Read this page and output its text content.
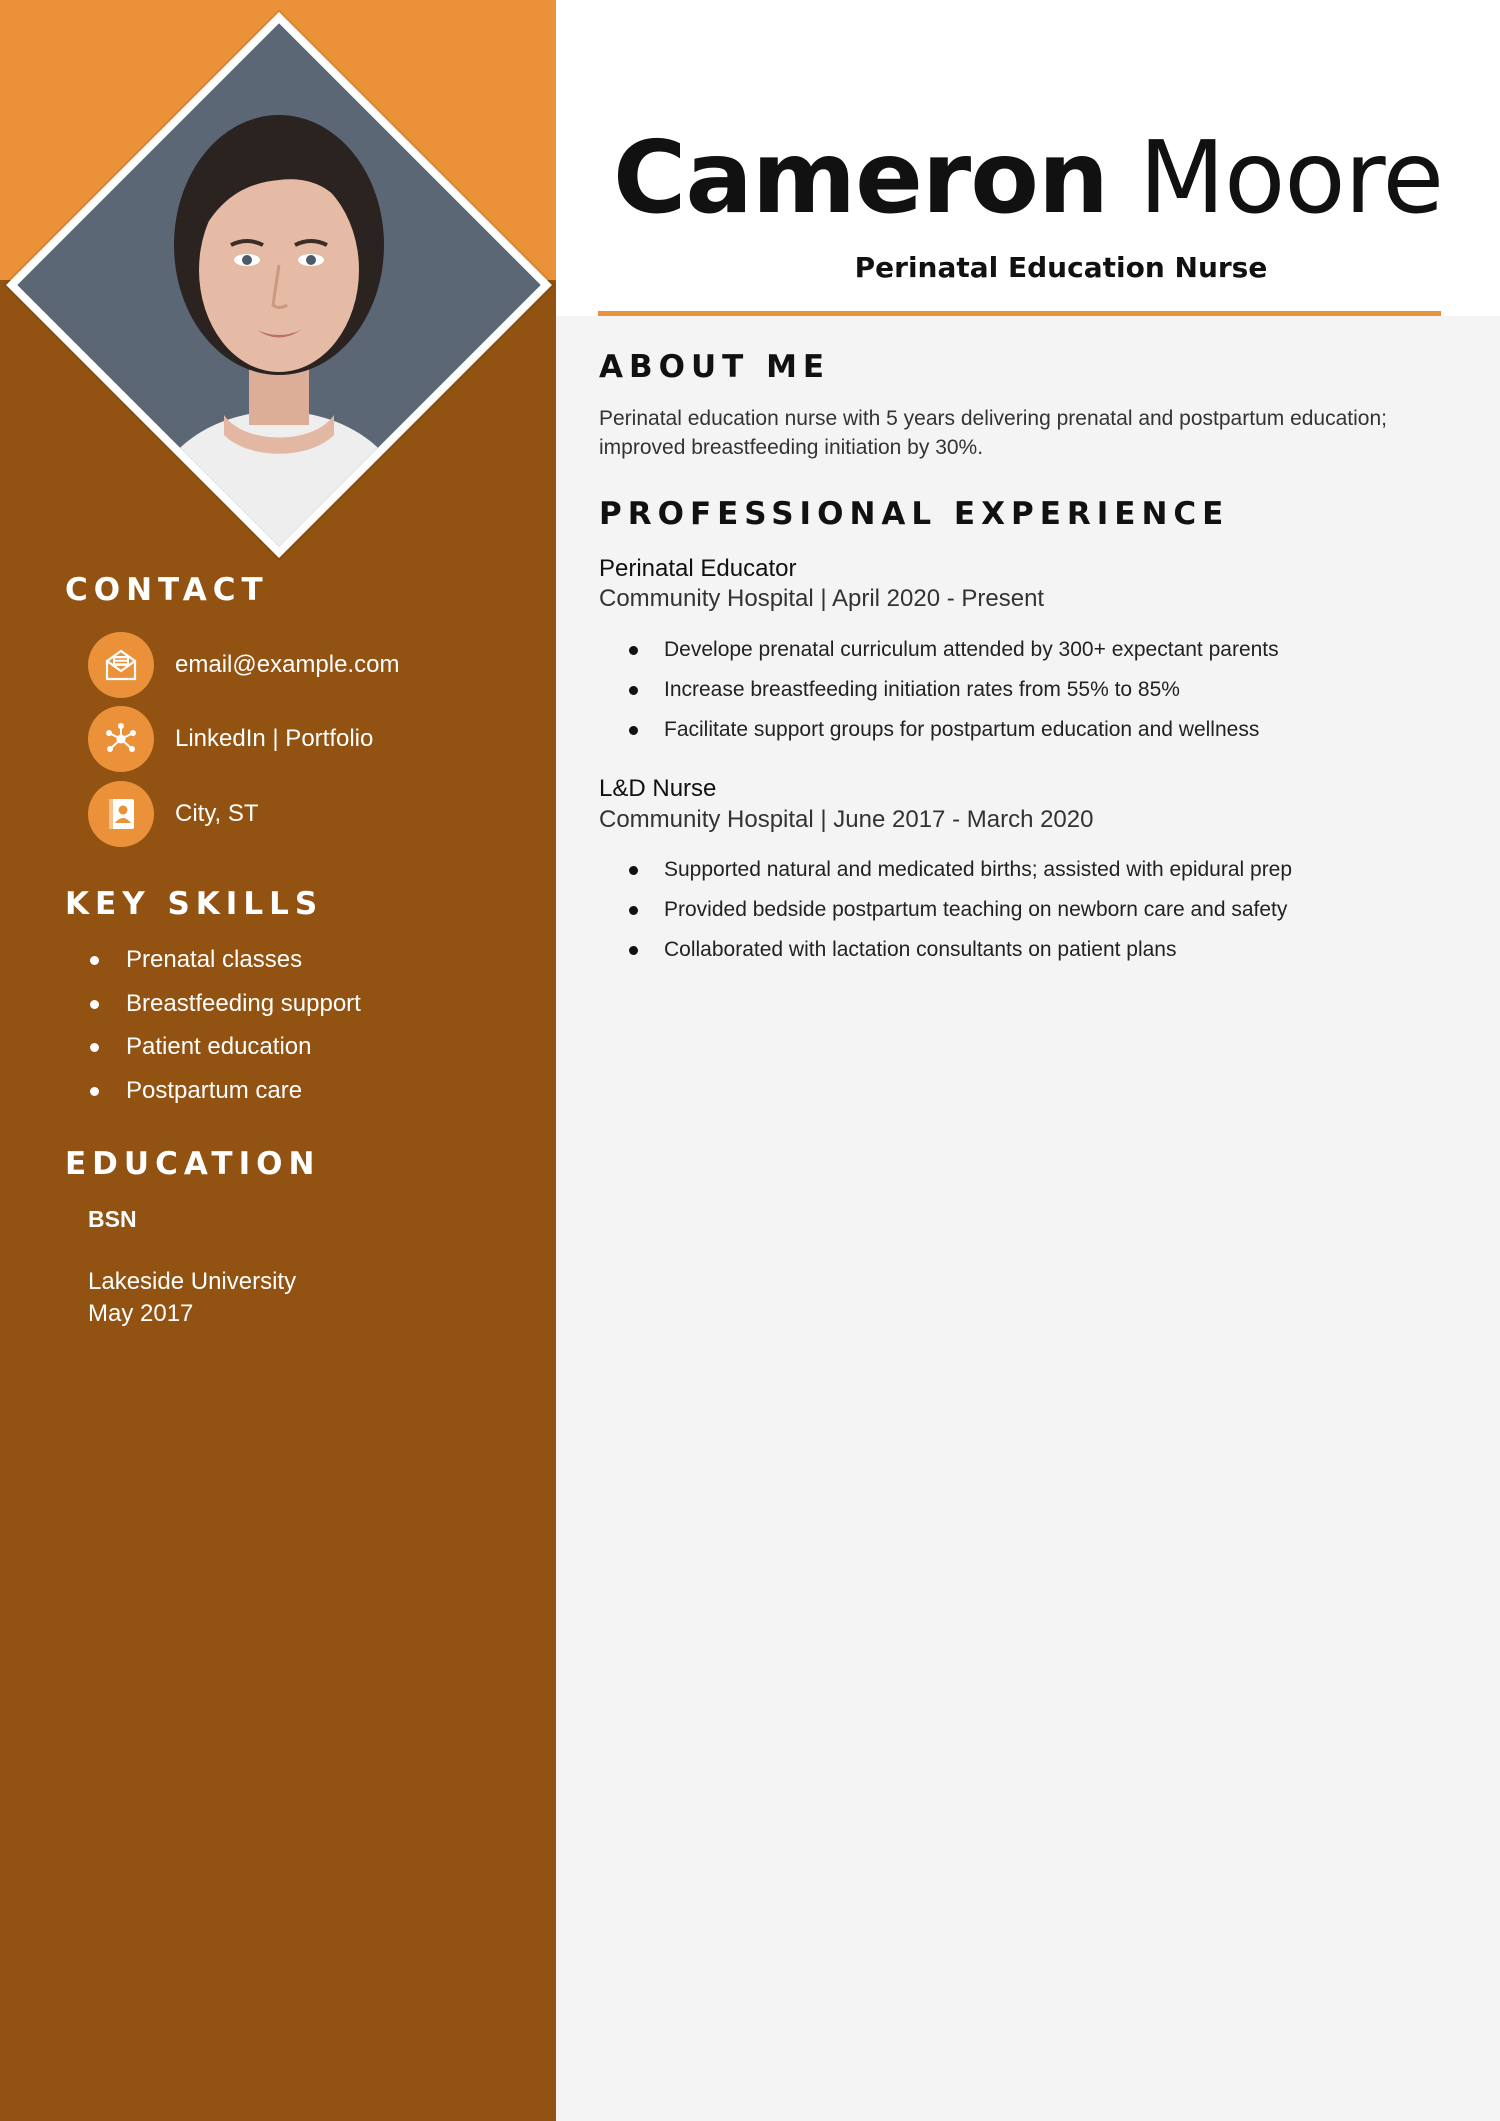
Cameron Moore
Perinatal Education Nurse
CONTACT
email@example.com
LinkedIn | Portfolio
City, ST
KEY SKILLS
Prenatal classes
Breastfeeding support
Patient education
Postpartum care
EDUCATION
BSN
Lakeside University
May 2017
ABOUT ME
Perinatal education nurse with 5 years delivering prenatal and postpartum education; improved breastfeeding initiation by 30%.
PROFESSIONAL EXPERIENCE
Perinatal Educator
Community Hospital | April 2020 - Present
Develope prenatal curriculum attended by 300+ expectant parents
Increase breastfeeding initiation rates from 55% to 85%
Facilitate support groups for postpartum education and wellness
L&D Nurse
Community Hospital | June 2017 - March 2020
Supported natural and medicated births; assisted with epidural prep
Provided bedside postpartum teaching on newborn care and safety
Collaborated with lactation consultants on patient plans
